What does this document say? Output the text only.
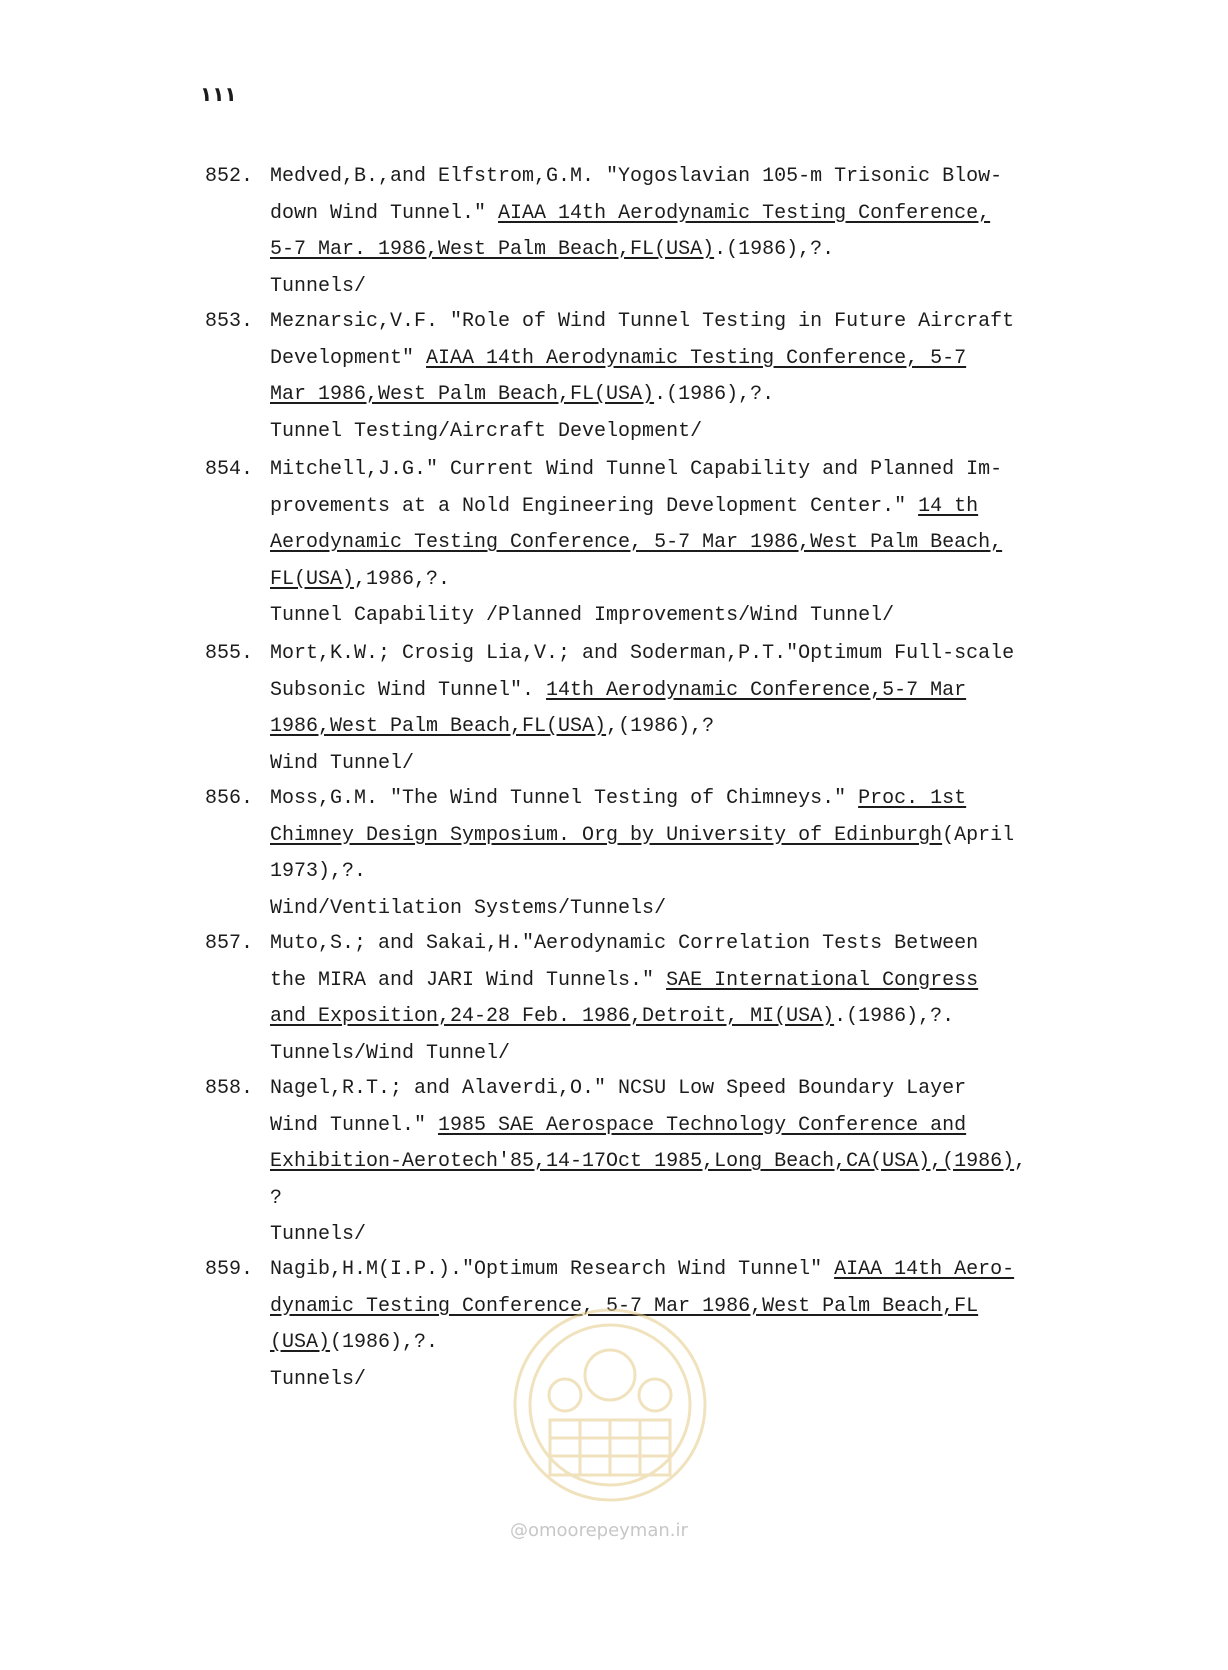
۱۱۱
852. Medved,B.,and Elfstrom,G.M. "Yogoslavian 105-m Trisonic Blow-
down Wind Tunnel." AIAA 14th Aerodynamic Testing Conference,
5-7 Mar. 1986,West Palm Beach,FL(USA).(1986),?.
Tunnels/
853. Meznarsic,V.F. "Role of Wind Tunnel Testing in Future Aircraft
Development" AIAA 14th Aerodynamic Testing Conference, 5-7
Mar 1986,West Palm Beach,FL(USA).(1986),?.
Tunnel Testing/Aircraft Development/
854. Mitchell,J.G." Current Wind Tunnel Capability and Planned Im-
provements at a Nold Engineering Development Center." 14 th
Aerodynamic Testing Conference, 5-7 Mar 1986,West Palm Beach,
FL(USA),1986,?.
Tunnel Capability /Planned Improvements/Wind Tunnel/
855. Mort,K.W.; Crosig Lia,V.; and Soderman,P.T."Optimum Full-scale
Subsonic Wind Tunnel". 14th Aerodynamic Conference,5-7 Mar
1986,West Palm Beach,FL(USA),(1986),?
Wind Tunnel/
856. Moss,G.M. "The Wind Tunnel Testing of Chimneys." Proc. 1st
Chimney Design Symposium. Org by University of Edinburgh(April
1973),?.
Wind/Ventilation Systems/Tunnels/
857. Muto,S.; and Sakai,H."Aerodynamic Correlation Tests Between
the MIRA and JARI Wind Tunnels." SAE International Congress
and Exposition,24-28 Feb. 1986,Detroit, MI(USA).(1986),?.
Tunnels/Wind Tunnel/
858. Nagel,R.T.; and Alaverdi,O." NCSU Low Speed Boundary Layer
Wind Tunnel." 1985 SAE Aerospace Technology Conference and
Exhibition-Aerotech'85,14-17Oct 1985,Long Beach,CA(USA),(1986),
?
Tunnels/
859. Nagib,H.M(I.P.)."Optimum Research Wind Tunnel" AIAA 14th Aero-
dynamic Testing Conference, 5-7 Mar 1986,West Palm Beach,FL
(USA)(1986),?.
Tunnels/
@omoorepeyman.ir
